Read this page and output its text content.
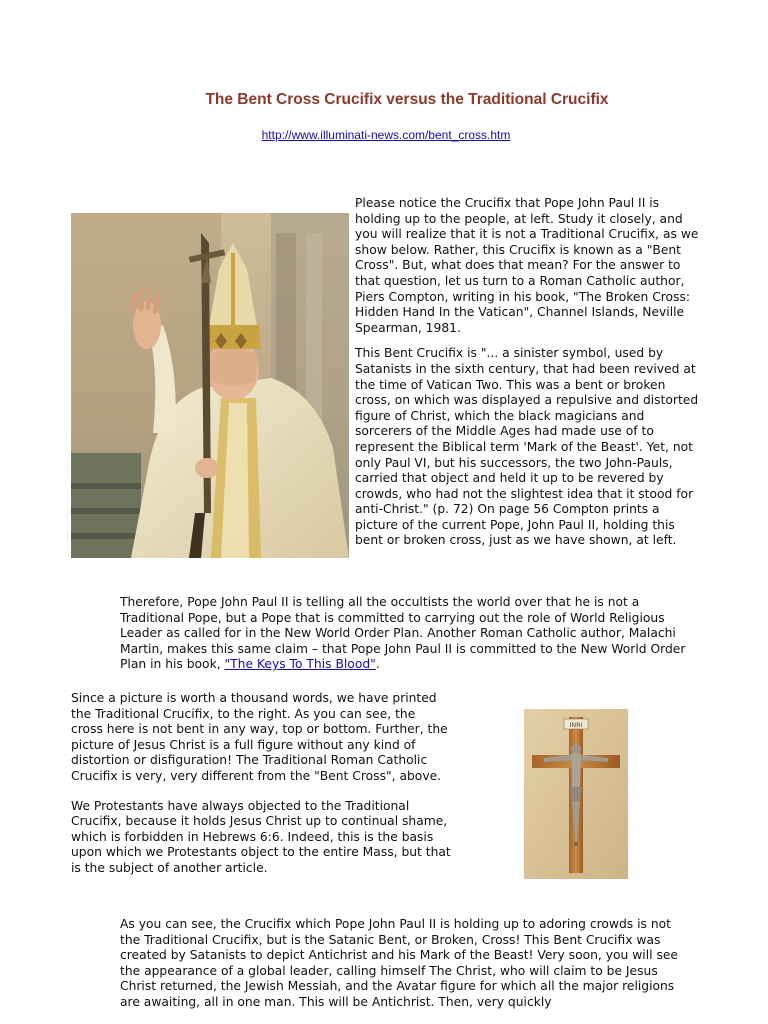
The Bent Cross Crucifix versus the Traditional Crucifix
http://www.illuminati-news.com/bent_cross.htm

Please notice the Crucifix that Pope John Paul II is holding up to the people, at left. Study it closely, and you will realize that it is not a Traditional Crucifix, as we show below. Rather, this Crucifix is known as a "Bent Cross". But, what does that mean? For the answer to that question, let us turn to a Roman Catholic author, Piers Compton, writing in his book, "The Broken Cross: Hidden Hand In the Vatican", Channel Islands, Neville Spearman, 1981.

This Bent Crucifix is "... a sinister symbol, used by Satanists in the sixth century, that had been revived at the time of Vatican Two. This was a bent or broken cross, on which was displayed a repulsive and distorted figure of Christ, which the black magicians and sorcerers of the Middle Ages had made use of to represent the Biblical term 'Mark of the Beast'. Yet, not only Paul VI, but his successors, the two John-Pauls, carried that object and held it up to be revered by crowds, who had not the slightest idea that it stood for anti-Christ." (p. 72) On page 56 Compton prints a picture of the current Pope, John Paul II, holding this bent or broken cross, just as we have shown, at left.

Therefore, Pope John Paul II is telling all the occultists the world over that he is not a Traditional Pope, but a Pope that is committed to carrying out the role of World Religious Leader as called for in the New World Order Plan. Another Roman Catholic author, Malachi Martin, makes this same claim – that Pope John Paul II is committed to the New World Order Plan in his book, "The Keys To This Blood".

Since a picture is worth a thousand words, we have printed the Traditional Crucifix, to the right. As you can see, the cross here is not bent in any way, top or bottom. Further, the picture of Jesus Christ is a full figure without any kind of distortion or disfiguration! The Traditional Roman Catholic Crucifix is very, very different from the "Bent Cross", above.

We Protestants have always objected to the Traditional Crucifix, because it holds Jesus Christ up to continual shame, which is forbidden in Hebrews 6:6. Indeed, this is the basis upon which we Protestants object to the entire Mass, but that is the subject of another article.

INRI

As you can see, the Crucifix which Pope John Paul II is holding up to adoring crowds is not the Traditional Crucifix, but is the Satanic Bent, or Broken, Cross! This Bent Crucifix was created by Satanists to depict Antichrist and his Mark of the Beast! Very soon, you will see the appearance of a global leader, calling himself The Christ, who will claim to be Jesus Christ returned, the Jewish Messiah, and the Avatar figure for which all the major religions are awaiting, all in one man. This will be Antichrist. Then, very quickly
